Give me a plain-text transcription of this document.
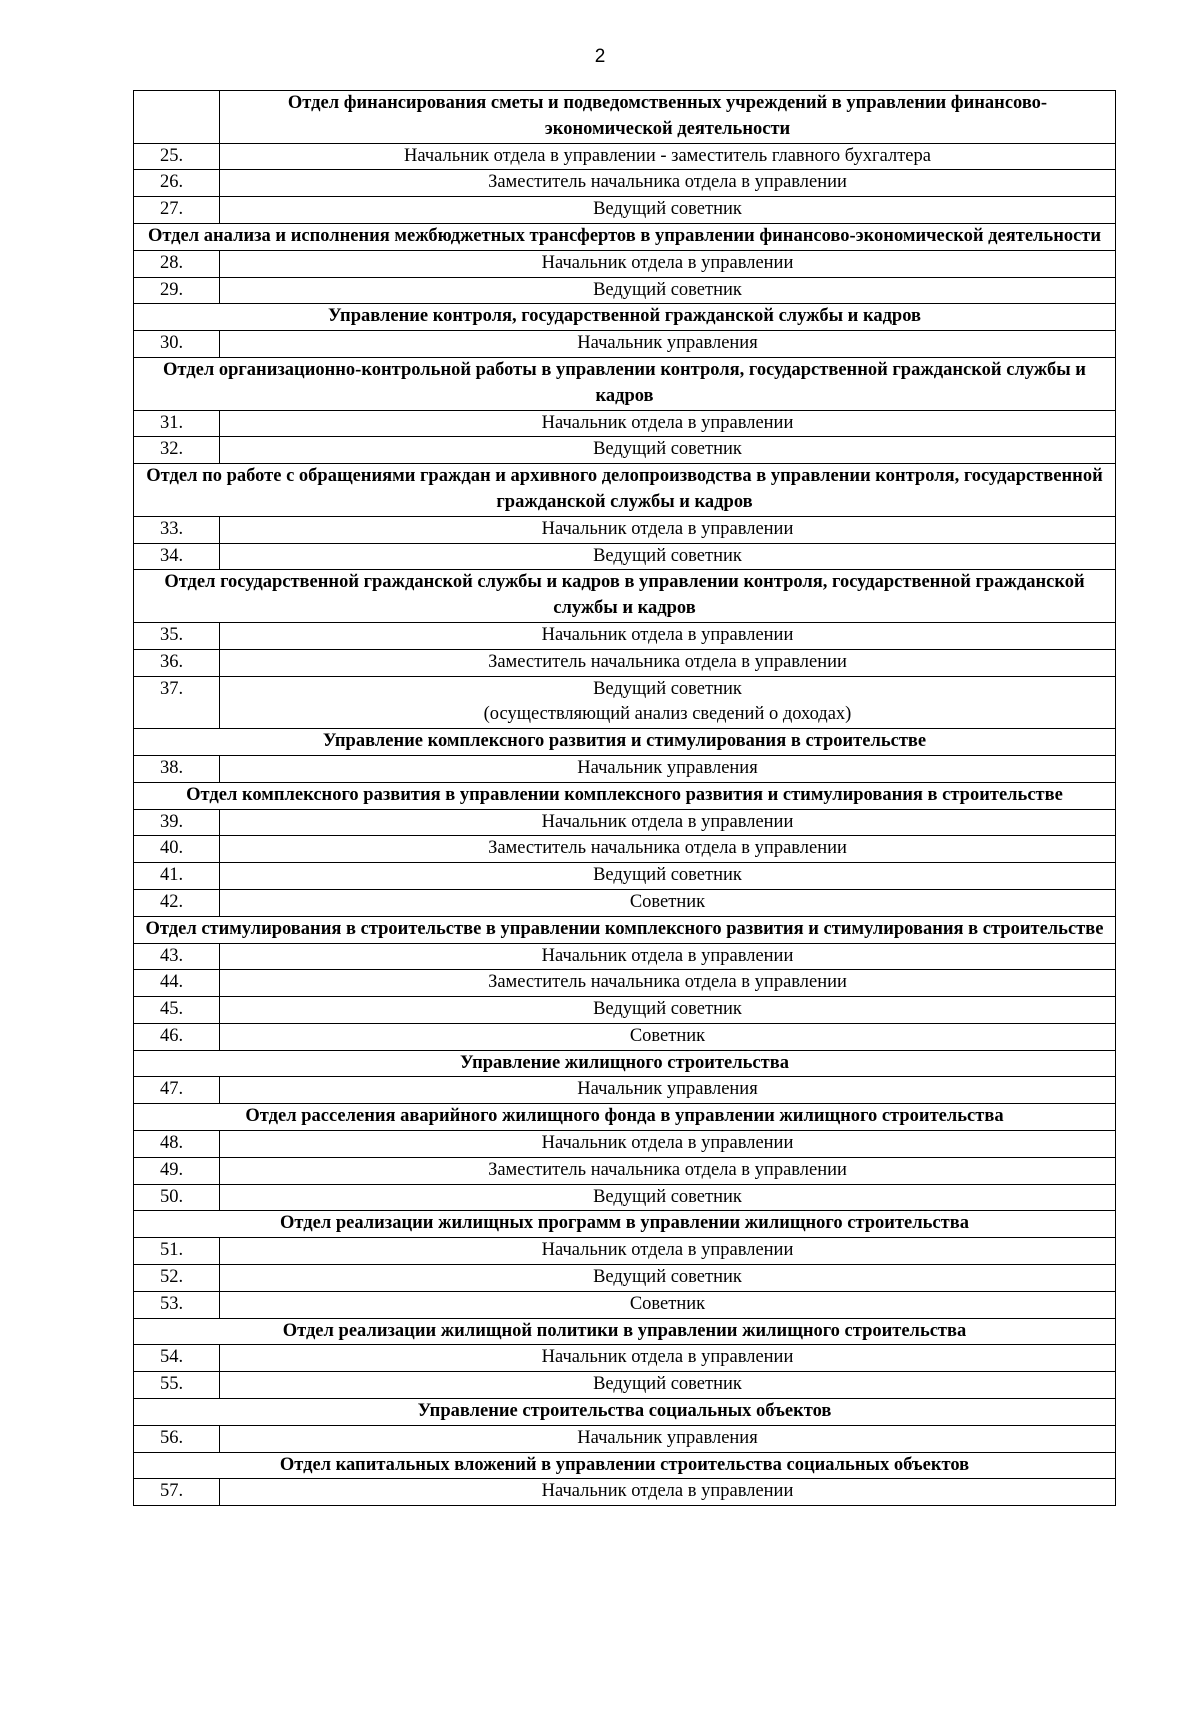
2
	Отдел финансирования сметы и подведомственных учреждений в управлении финансово-экономической деятельности
25.	Начальник отдела в управлении - заместитель главного бухгалтера
26.	Заместитель начальника отдела в управлении
27.	Ведущий советник
Отдел анализа и исполнения межбюджетных трансфертов в управлении финансово-экономической деятельности	
28.	Начальник отдела в управлении
29.	Ведущий советник
Управление контроля, государственной гражданской службы и кадров	
30.	Начальник управления
Отдел организационно-контрольной работы в управлении контроля, государственной гражданской службы и кадров	
31.	Начальник отдела в управлении
32.	Ведущий советник
Отдел по работе с обращениями граждан и архивного делопроизводства в управлении контроля, государственной гражданской службы и кадров	
33.	Начальник отдела в управлении
34.	Ведущий советник
Отдел государственной гражданской службы и кадров в управлении контроля, государственной гражданской службы и кадров	
35.	Начальник отдела в управлении
36.	Заместитель начальника отдела в управлении
37.	Ведущий советник
(осуществляющий анализ сведений о доходах)

Управление комплексного развития и стимулирования в строительстве	
38.	Начальник управления
Отдел комплексного развития в управлении комплексного развития и стимулирования в строительстве	
39.	Начальник отдела в управлении
40.	Заместитель начальника отдела в управлении
41.	Ведущий советник
42.	Советник
Отдел стимулирования в строительстве в управлении комплексного развития и стимулирования в строительстве	
43.	Начальник отдела в управлении
44.	Заместитель начальника отдела в управлении
45.	Ведущий советник
46.	Советник
Управление жилищного строительства	
47.	Начальник управления
Отдел расселения аварийного жилищного фонда в управлении жилищного строительства	
48.	Начальник отдела в управлении
49.	Заместитель начальника отдела в управлении
50.	Ведущий советник
Отдел реализации жилищных программ в управлении жилищного строительства	
51.	Начальник отдела в управлении
52.	Ведущий советник
53.	Советник
Отдел реализации жилищной политики в управлении жилищного строительства	
54.	Начальник отдела в управлении
55.	Ведущий советник
Управление строительства социальных объектов	
56.	Начальник управления
Отдел капитальных вложений в управлении строительства социальных объектов	
57.	Начальник отдела в управлении
